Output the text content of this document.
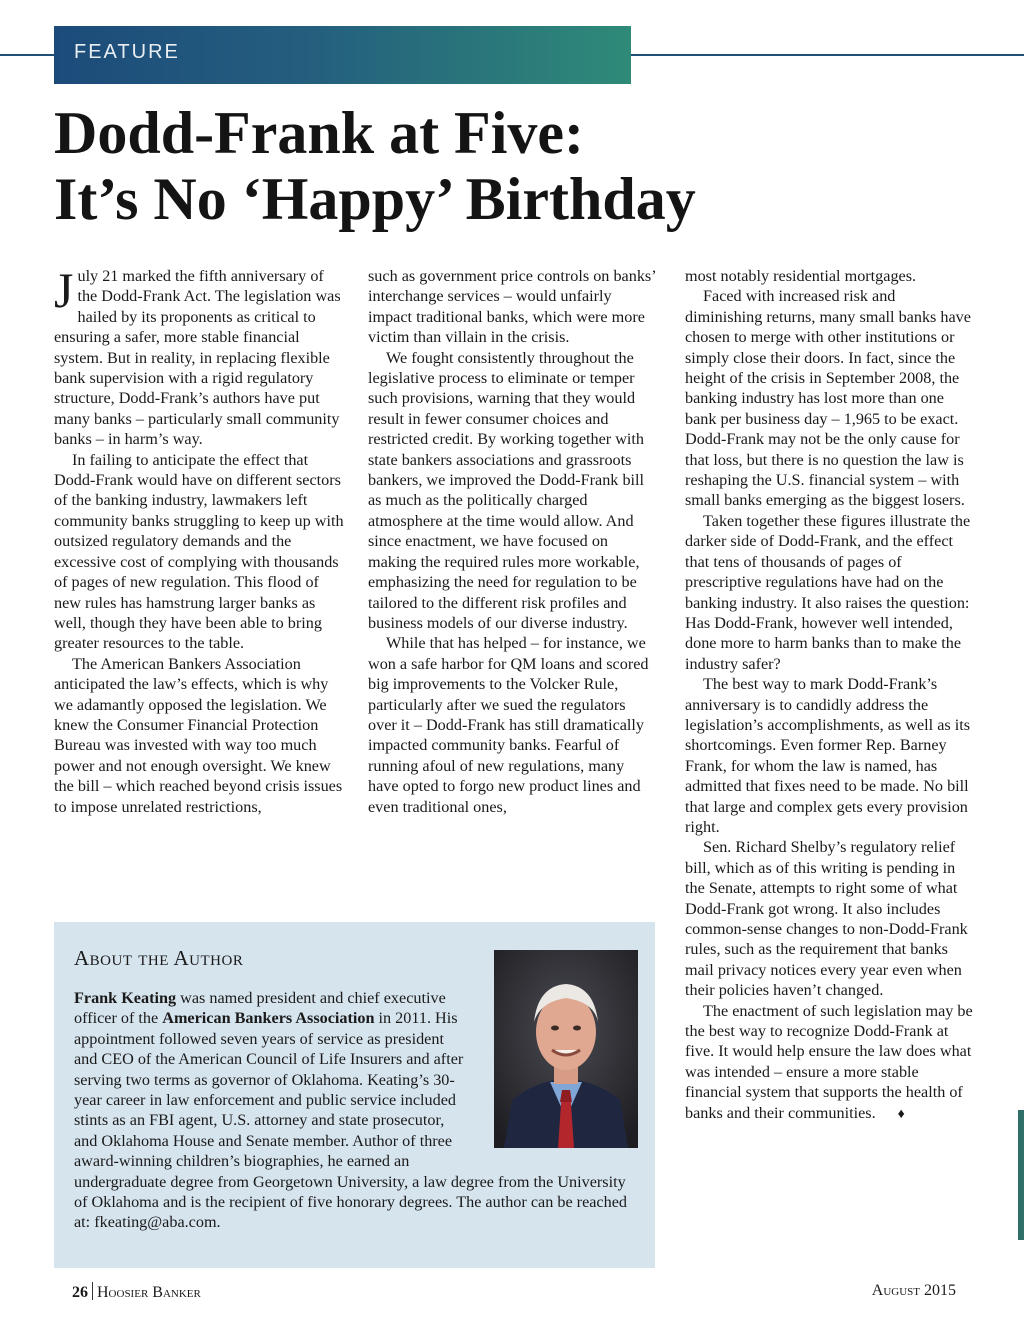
FEATURE
Dodd-Frank at Five:
It’s No ‘Happy’ Birthday

July 21 marked the fifth anniversary of the Dodd-Frank Act. The legislation was hailed by its proponents as critical to ensuring a safer, more stable financial system. But in reality, in replacing flexible bank supervision with a rigid regulatory structure, Dodd-Frank’s authors have put many banks – particularly small community banks – in harm’s way.

In failing to anticipate the effect that Dodd-Frank would have on different sectors of the banking industry, lawmakers left community banks struggling to keep up with outsized regulatory demands and the excessive cost of complying with thousands of pages of new regulation. This flood of new rules has hamstrung larger banks as well, though they have been able to bring greater resources to the table.

The American Bankers Association anticipated the law’s effects, which is why we adamantly opposed the legislation. We knew the Consumer Financial Protection Bureau was invested with way too much power and not enough oversight. We knew the bill – which reached beyond crisis issues to impose unrelated restrictions,

such as government price controls on banks’ interchange services – would unfairly impact traditional banks, which were more victim than villain in the crisis.

We fought consistently throughout the legislative process to eliminate or temper such provisions, warning that they would result in fewer consumer choices and restricted credit. By working together with state bankers associations and grassroots bankers, we improved the Dodd-Frank bill as much as the politically charged atmosphere at the time would allow. And since enactment, we have focused on making the required rules more workable, emphasizing the need for regulation to be tailored to the different risk profiles and business models of our diverse industry.

While that has helped – for instance, we won a safe harbor for QM loans and scored big improvements to the Volcker Rule, particularly after we sued the regulators over it – Dodd-Frank has still dramatically impacted community banks. Fearful of running afoul of new regulations, many have opted to forgo new product lines and even traditional ones,

most notably residential mortgages.

Faced with increased risk and diminishing returns, many small banks have chosen to merge with other institutions or simply close their doors. In fact, since the height of the crisis in September 2008, the banking industry has lost more than one bank per business day – 1,965 to be exact. Dodd-Frank may not be the only cause for that loss, but there is no question the law is reshaping the U.S. financial system – with small banks emerging as the biggest losers.

Taken together these figures illustrate the darker side of Dodd-Frank, and the effect that tens of thousands of pages of prescriptive regulations have had on the banking industry. It also raises the question: Has Dodd-Frank, however well intended, done more to harm banks than to make the industry safer?

The best way to mark Dodd-Frank’s anniversary is to candidly address the legislation’s accomplishments, as well as its shortcomings. Even former Rep. Barney Frank, for whom the law is named, has admitted that fixes need to be made. No bill that large and complex gets every provision right.

Sen. Richard Shelby’s regulatory relief bill, which as of this writing is pending in the Senate, attempts to right some of what Dodd-Frank got wrong. It also includes common-sense changes to non-Dodd-Frank rules, such as the requirement that banks mail privacy notices every year even when their policies haven’t changed.

The enactment of such legislation may be the best way to recognize Dodd-Frank at five. It would help ensure the law does what was intended – ensure a more stable financial system that supports the health of banks and their communities. ♦

About the Author
Frank Keating was named president and chief executive officer of the American Bankers Association in 2011. His appointment followed seven years of service as president and CEO of the American Council of Life Insurers and after serving two terms as governor of Oklahoma. Keating’s 30-year career in law enforcement and public service included stints as an FBI agent, U.S. attorney and state prosecutor, and Oklahoma House and Senate member. Author of three award-winning children’s biographies, he earned an undergraduate degree from Georgetown University, a law degree from the University of Oklahoma and is the recipient of five honorary degrees. The author can be reached at: fkeating@aba.com.
26 Hoosier Banker	August 2015
